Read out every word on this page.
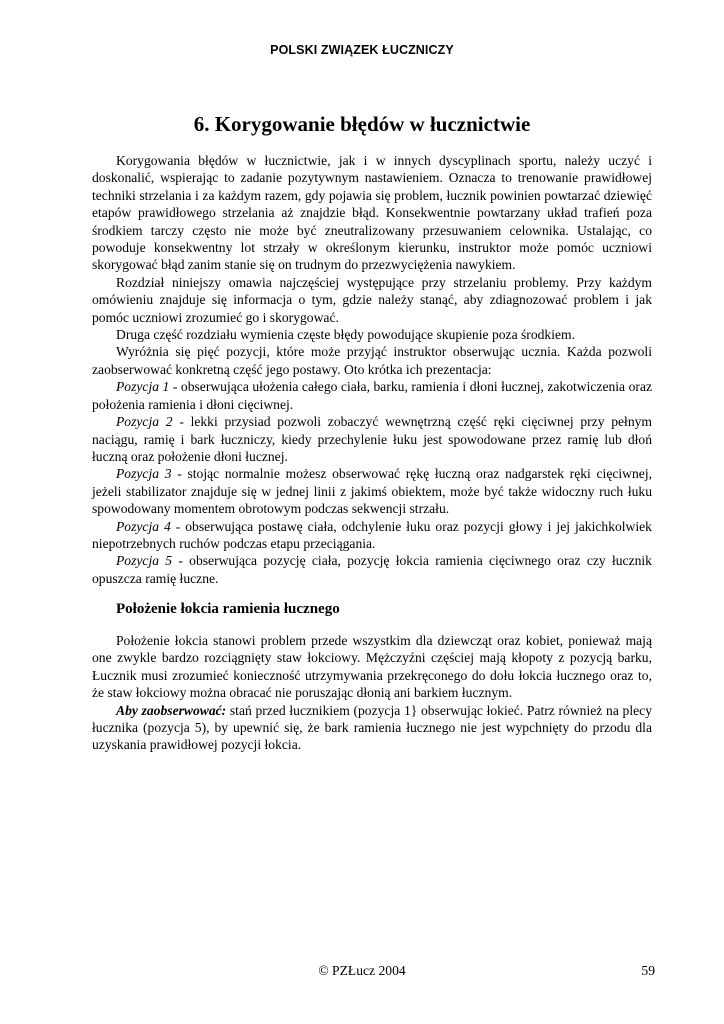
POLSKI ZWIĄZEK ŁUCZNICZY
6. Korygowanie błędów w łucznictwie

Korygowania błędów w łucznictwie, jak i w innych dyscyplinach sportu, należy uczyć i doskonalić, wspierając to zadanie pozytywnym nastawieniem. Oznacza to trenowanie prawidłowej techniki strzelania i za każdym razem, gdy pojawia się problem, łucznik powinien powtarzać dziewięć etapów prawidłowego strzelania aż znajdzie błąd. Konsekwentnie powtarzany układ trafień poza środkiem tarczy często nie może być zneutralizowany przesuwaniem celownika. Ustalając, co powoduje konsekwentny lot strzały w określonym kierunku, instruktor może pomóc uczniowi skorygować błąd zanim stanie się on trudnym do przezwyciężenia nawykiem.

Rozdział niniejszy omawia najczęściej występujące przy strzelaniu problemy. Przy każdym omówieniu znajduje się informacja o tym, gdzie należy stanąć, aby zdiagnozować problem i jak pomóc uczniowi zrozumieć go i skorygować.

Druga część rozdziału wymienia częste błędy powodujące skupienie poza środkiem.

Wyróżnia się pięć pozycji, które może przyjąć instruktor obserwując ucznia. Każda pozwoli zaobserwować konkretną część jego postawy. Oto krótka ich prezentacja:

Pozycja 1 - obserwująca ułożenia całego ciała, barku, ramienia i dłoni łucznej, zakotwiczenia oraz położenia ramienia i dłoni cięciwnej.

Pozycja 2 - lekki przysiad pozwoli zobaczyć wewnętrzną część ręki cięciwnej przy pełnym naciągu, ramię i bark łuczniczy, kiedy przechylenie łuku jest spowodowane przez ramię lub dłoń łuczną oraz położenie dłoni łucznej.

Pozycja 3 - stojąc normalnie możesz obserwować rękę łuczną oraz nadgarstek ręki cięciwnej, jeżeli stabilizator znajduje się w jednej linii z jakimś obiektem, może być także widoczny ruch łuku spowodowany momentem obrotowym podczas sekwencji strzału.

Pozycja 4 - obserwująca postawę ciała, odchylenie łuku oraz pozycji głowy i jej jakichkolwiek niepotrzebnych ruchów podczas etapu przeciągania.

Pozycja 5 - obserwująca pozycję ciała, pozycję łokcia ramienia cięciwnego oraz czy łucznik opuszcza ramię łuczne.

Położenie łokcia ramienia łucznego

Położenie łokcia stanowi problem przede wszystkim dla dziewcząt oraz kobiet, ponieważ mają one zwykle bardzo rozciągnięty staw łokciowy. Mężczyźni częściej mają kłopoty z pozycją barku, Łucznik musi zrozumieć konieczność utrzymywania przekręconego do dołu łokcia łucznego oraz to, że staw łokciowy można obracać nie poruszając dłonią ani barkiem łucznym.

Aby zaobserwować: stań przed łucznikiem (pozycja 1} obserwując łokieć. Patrz również na plecy łucznika (pozycja 5), by upewnić się, że bark ramienia łucznego nie jest wypchnięty do przodu dla uzyskania prawidłowej pozycji łokcia.

© PZŁucz 2004	59
